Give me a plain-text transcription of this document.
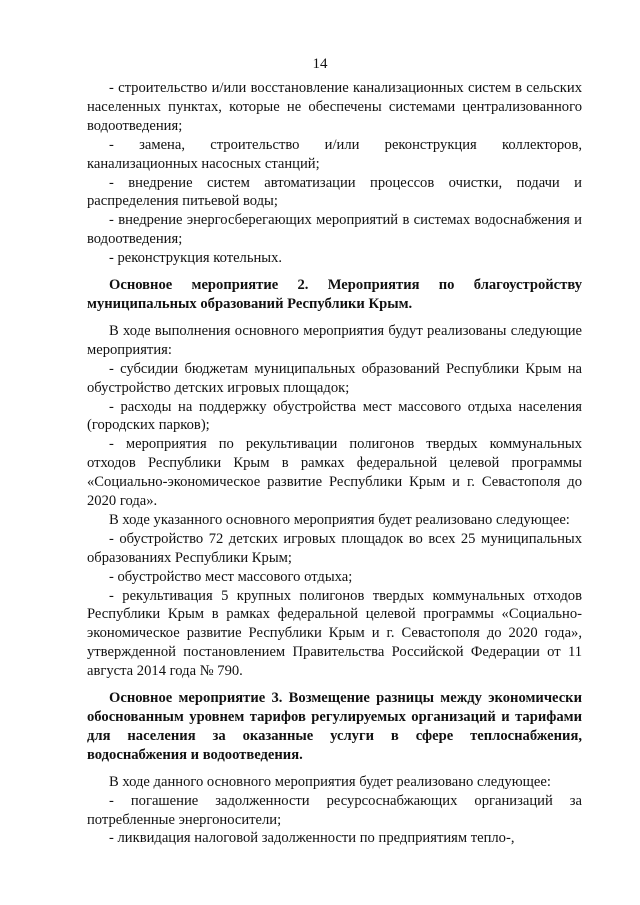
14

- строительство и/или восстановление канализационных систем в сельских населенных пунктах, которые не обеспечены системами централизованного водоотведения;

- замена, строительство и/или реконструкция коллекторов, канализационных насосных станций;

- внедрение систем автоматизации процессов очистки, подачи и распределения питьевой воды;

- внедрение энергосберегающих мероприятий в системах водоснабжения и водоотведения;

- реконструкция котельных.

Основное мероприятие 2. Мероприятия по благоустройству муниципальных образований Республики Крым.

В ходе выполнения основного мероприятия будут реализованы следующие мероприятия:

- субсидии бюджетам муниципальных образований Республики Крым на обустройство детских игровых площадок;

- расходы на поддержку обустройства мест массового отдыха населения (городских парков);

- мероприятия по рекультивации полигонов твердых коммунальных отходов Республики Крым в рамках федеральной целевой программы «Социально-экономическое развитие Республики Крым и г. Севастополя до 2020 года».

В ходе указанного основного мероприятия будет реализовано следующее:

- обустройство 72 детских игровых площадок во всех 25 муниципальных образованиях Республики Крым;

- обустройство мест массового отдыха;

- рекультивация 5 крупных полигонов твердых коммунальных отходов Республики Крым в рамках федеральной целевой программы «Социально-экономическое развитие Республики Крым и г. Севастополя до 2020 года», утвержденной постановлением Правительства Российской Федерации от 11 августа 2014 года № 790.

Основное мероприятие 3. Возмещение разницы между экономически обоснованным уровнем тарифов регулируемых организаций и тарифами для населения за оказанные услуги в сфере теплоснабжения, водоснабжения и водоотведения.

В ходе данного основного мероприятия будет реализовано следующее:

- погашение задолженности ресурсоснабжающих организаций за потребленные энергоносители;

- ликвидация налоговой задолженности по предприятиям тепло-,
